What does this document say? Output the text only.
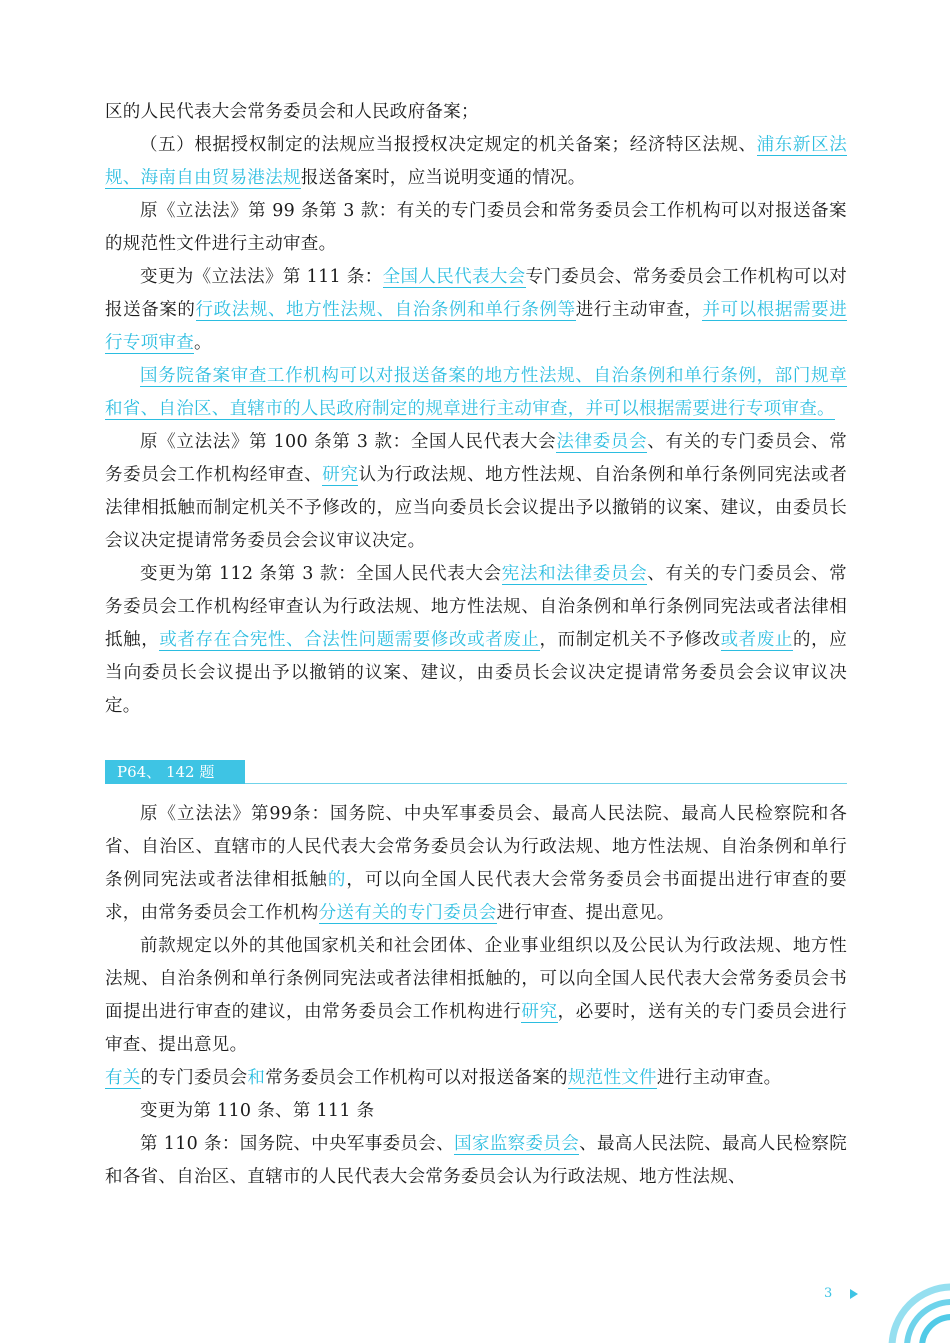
区的人民代表大会常务委员会和人民政府备案；

（五）根据授权制定的法规应当报授权决定规定的机关备案；经济特区法规、浦东新区法规、海南自由贸易港法规报送备案时，应当说明变通的情况。

原《立法法》第 99 条第 3 款：有关的专门委员会和常务委员会工作机构可以对报送备案的规范性文件进行主动审查。

变更为《立法法》第 111 条：全国人民代表大会专门委员会、常务委员会工作机构可以对报送备案的行政法规、地方性法规、自治条例和单行条例等进行主动审查，并可以根据需要进行专项审查。

国务院备案审查工作机构可以对报送备案的地方性法规、自治条例和单行条例，部门规章和省、自治区、直辖市的人民政府制定的规章进行主动审查，并可以根据需要进行专项审查。

原《立法法》第 100 条第 3 款：全国人民代表大会法律委员会、有关的专门委员会、常务委员会工作机构经审查、研究认为行政法规、地方性法规、自治条例和单行条例同宪法或者法律相抵触而制定机关不予修改的，应当向委员长会议提出予以撤销的议案、建议，由委员长会议决定提请常务委员会会议审议决定。

变更为第 112 条第 3 款：全国人民代表大会宪法和法律委员会、有关的专门委员会、常务委员会工作机构经审查认为行政法规、地方性法规、自治条例和单行条例同宪法或者法律相抵触，或者存在合宪性、合法性问题需要修改或者废止，而制定机关不予修改或者废止的，应当向委员长会议提出予以撤销的议案、建议，由委员长会议决定提请常务委员会会议审议决定。

P64、 142 题

原《立法法》第99条：国务院、中央军事委员会、最高人民法院、最高人民检察院和各省、自治区、直辖市的人民代表大会常务委员会认为行政法规、地方性法规、自治条例和单行条例同宪法或者法律相抵触的，可以向全国人民代表大会常务委员会书面提出进行审查的要求，由常务委员会工作机构分送有关的专门委员会进行审查、提出意见。

前款规定以外的其他国家机关和社会团体、企业事业组织以及公民认为行政法规、地方性法规、自治条例和单行条例同宪法或者法律相抵触的，可以向全国人民代表大会常务委员会书面提出进行审查的建议，由常务委员会工作机构进行研究，必要时，送有关的专门委员会进行审查、提出意见。

有关的专门委员会和常务委员会工作机构可以对报送备案的规范性文件进行主动审查。

变更为第 110 条、第 111 条

第 110 条：国务院、中央军事委员会、国家监察委员会、最高人民法院、最高人民检察院和各省、自治区、直辖市的人民代表大会常务委员会认为行政法规、地方性法规、

3
